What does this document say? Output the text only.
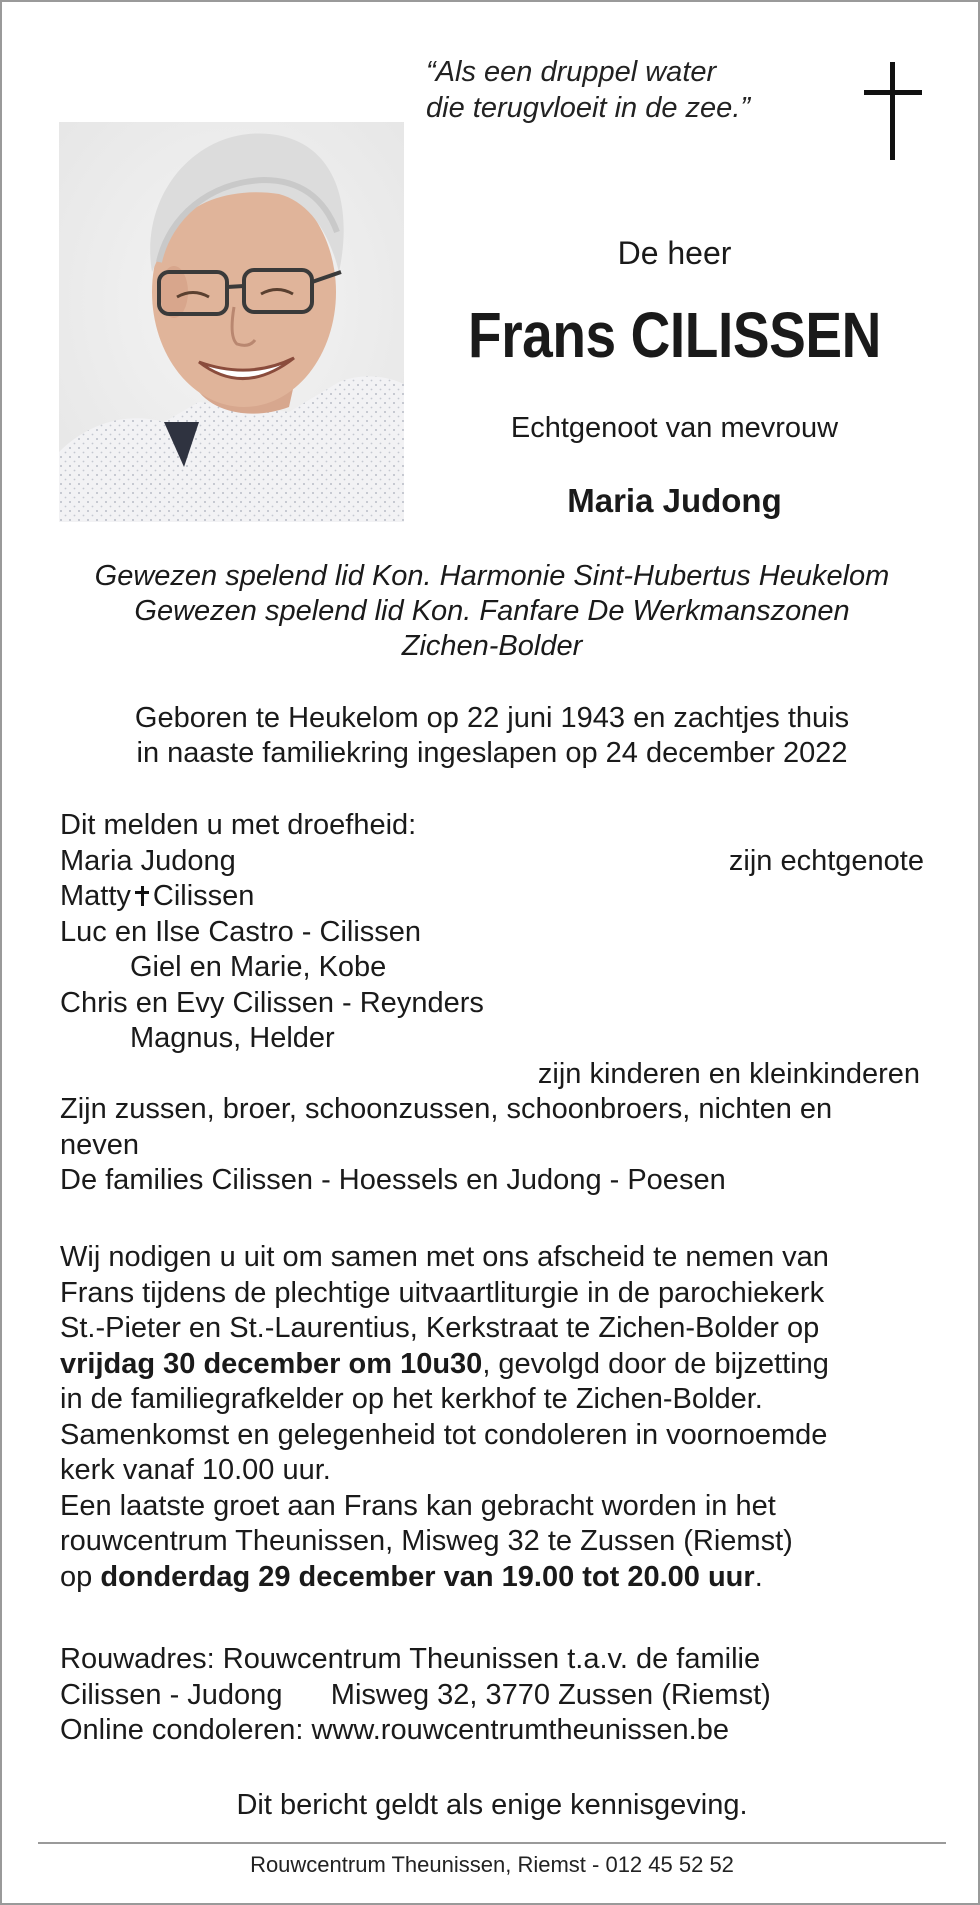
“Als een druppel water
die terugvloeit in de zee.”
De heer
Frans CILISSEN
Echtgenoot van mevrouw
Maria Judong
Gewezen spelend lid Kon. Harmonie Sint-Hubertus Heukelom
Gewezen spelend lid Kon. Fanfare De Werkmanszonen
Zichen-Bolder
Geboren te Heukelom op 22 juni 1943 en zachtjes thuis
in naaste familiekring ingeslapen op 24 december 2022
Dit melden u met droefheid:
Maria Judong	zijn echtgenote
Matty Cilissen
Luc en Ilse Castro - Cilissen
Giel en Marie, Kobe
Chris en Evy Cilissen - Reynders
Magnus, Helder
zijn kinderen en kleinkinderen
Zijn zussen, broer, schoonzussen, schoonbroers, nichten en
neven
De families Cilissen - Hoessels en Judong - Poesen
Wij nodigen u uit om samen met ons afscheid te nemen van
Frans tijdens de plechtige uitvaartliturgie in de parochiekerk
St.-Pieter en St.-Laurentius, Kerkstraat te Zichen-Bolder op
vrijdag 30 december om 10u30, gevolgd door de bijzetting
in de familiegrafkelder op het kerkhof te Zichen-Bolder.
Samenkomst en gelegenheid tot condoleren in voornoemde
kerk vanaf 10.00 uur.
Een laatste groet aan Frans kan gebracht worden in het
rouwcentrum Theunissen, Misweg 32 te Zussen (Riemst)
op donderdag 29 december van 19.00 tot 20.00 uur.
Rouwadres: Rouwcentrum Theunissen t.a.v. de familie
Cilissen - Judong      Misweg 32, 3770 Zussen (Riemst)
Online condoleren: www.rouwcentrumtheunissen.be
Dit bericht geldt als enige kennisgeving.
Rouwcentrum Theunissen, Riemst - 012 45 52 52
